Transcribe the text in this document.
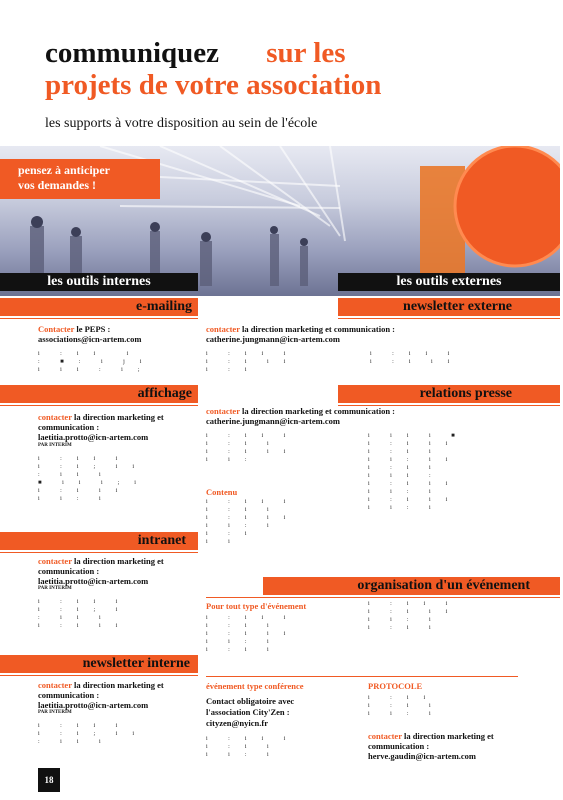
communiquez sur les
projets de votre association
les supports à votre disposition au sein de l'école
pensez à anticiper
vos demandes !
les outils internes	les outils externes
e-mailing
Contacter le PEPS :
associations@icn-artem.com
i   :  i  i     i
:   ■  :   i   j  i
i   i  i   :   i  ;
affichage
contacter la direction marketing et communication :
laetitia.protto@icn-artem.com
PAR INTERIM
i   :  i  i   i
i   :  i  ;   i  i
:   i  i   i
■   i  i   i  ;  i
i   :  i   i  i
i   i  :   i
intranet
contacter la direction marketing et communication :
laetitia.protto@icn-artem.com
PAR INTERIM
i   :  i  i   i
i   :  i  ;   i
:   i  i   i
i   :  i   i  i
newsletter interne
contacter la direction marketing et communication :
laetitia.protto@icn-artem.com
PAR INTERIM
i   :  i  i   i
i   :  i  ;   i  i
:   i  i   i
18
contacter la direction marketing et communication :
catherine.jungmann@icn-artem.com
i   :  i  i   i
i   :  i   i  i
i   :  i
contacter la direction marketing et communication :
catherine.jungmann@icn-artem.com
i   :  i  i   i
i   :  i   i
i   :  i   i  i
i   i  :
Contenu
i   :  i  i   i
i   :  i   i
i   :  i   i  i
i   i  :   i
i   :  i
i   i
organisation d'un événement
Pour tout type d'événement
i   :  i  i   i
i   :  i   i
i   :  i   i  i
i   i  :   i
i   :  i   i
événement type conférence
Contact obligatoire avec
l'association City'Zen :
cityzen@nyicn.fr
i   :  i  i   i
i   :  i   i
i   i  :   i
newsletter externe
i   :  i  i   i
i   :  i   i  i
relations presse
i   i  i   i   ■
i   :  i   i  i
i   :  i   i
i   i  :   i  i
i   :  i   i
i   i  i   :
i   :  i   i  i
i   i  :   i
i   :  i   i  i
i   i  :   i
i   :  i  i   i
i   :  i   i  i
i   i  :   i
i   :  i   i
PROTOCOLE
i   :  i  i
i   :  i   i
i   i  :   i
contacter la direction marketing et communication :
herve.gaudin@icn-artem.com
